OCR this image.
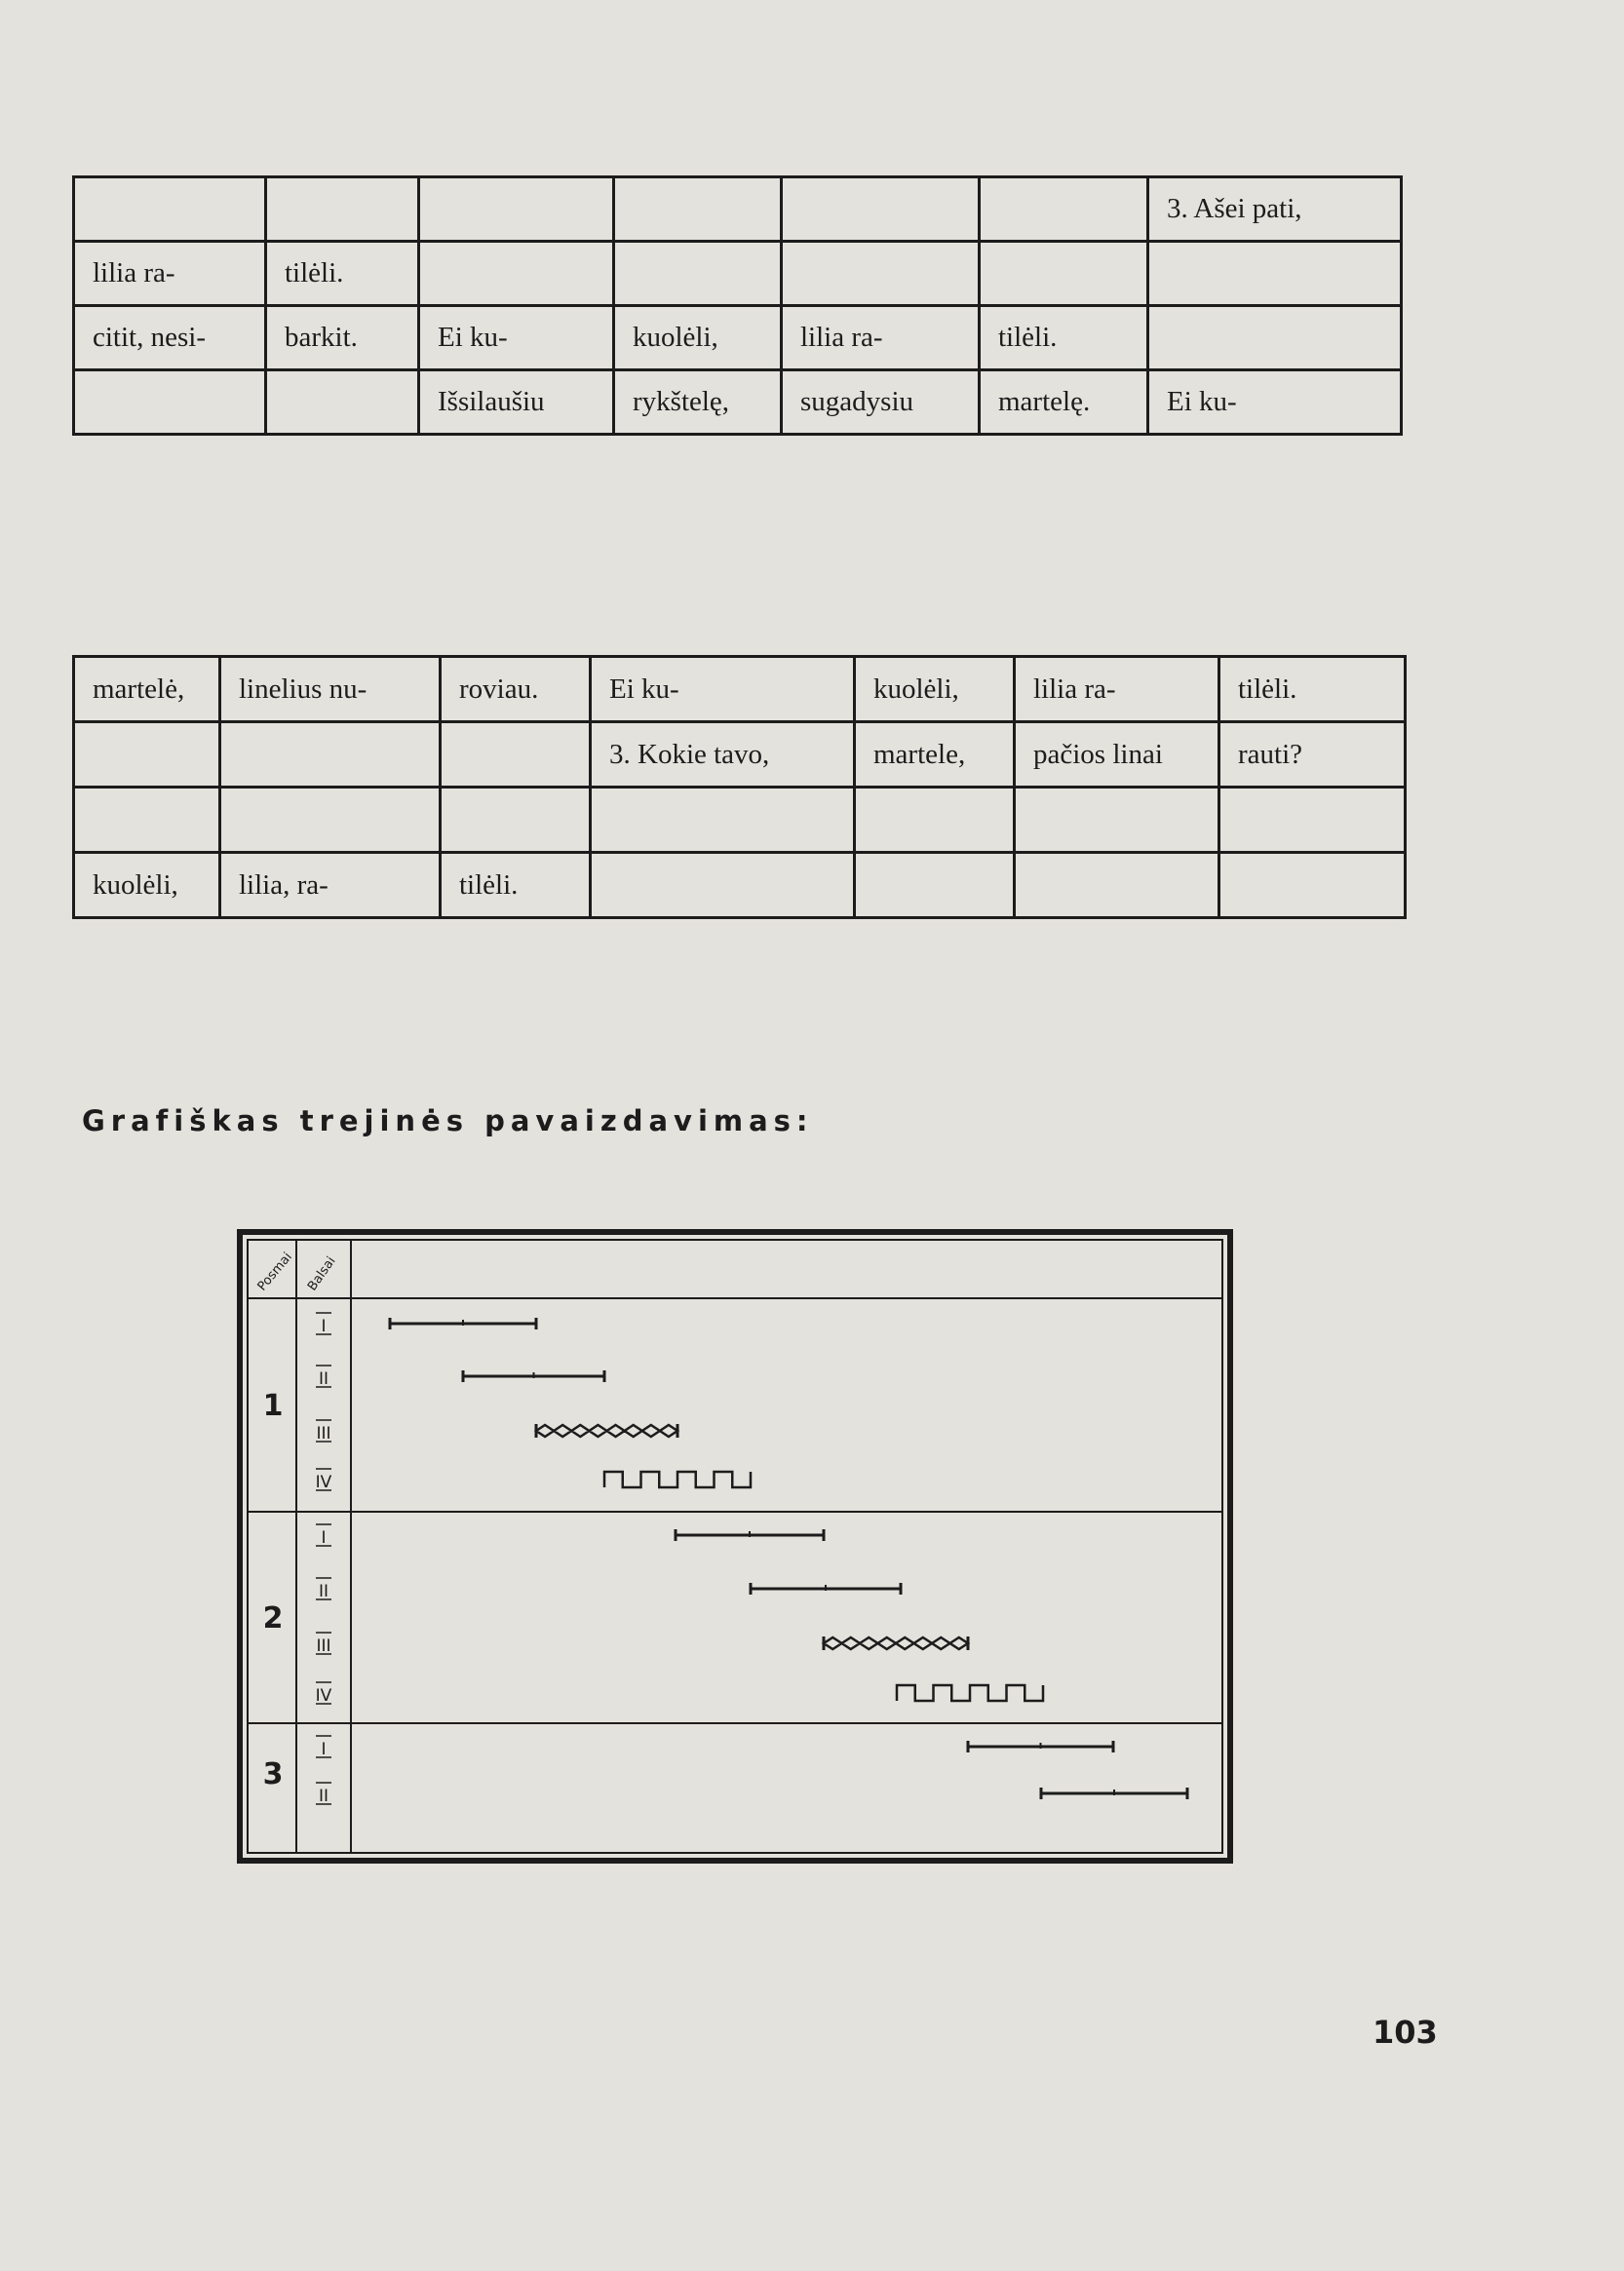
						3. Ašei pati,
lilia ra-	tilėli.					
citit, nesi-	barkit.	Ei ku-	kuolėli,	lilia ra-	tilėli.	
		Išsilaušiu	rykštelę,	sugadysiu	martelę.	Ei ku-
martelė,	linelius nu-	roviau.	Ei ku-	kuolėli,	lilia ra-	tilėli.
			3. Kokie tavo,	martele,	pačios linai	rauti?

kuolėli,	lilia, ra-	tilėli.				
Grafiškas trejinės pavaizdavimas:
Posmai Balsai
1
I
II
III
IV
2
I
II
III
IV
3
I
II
103
